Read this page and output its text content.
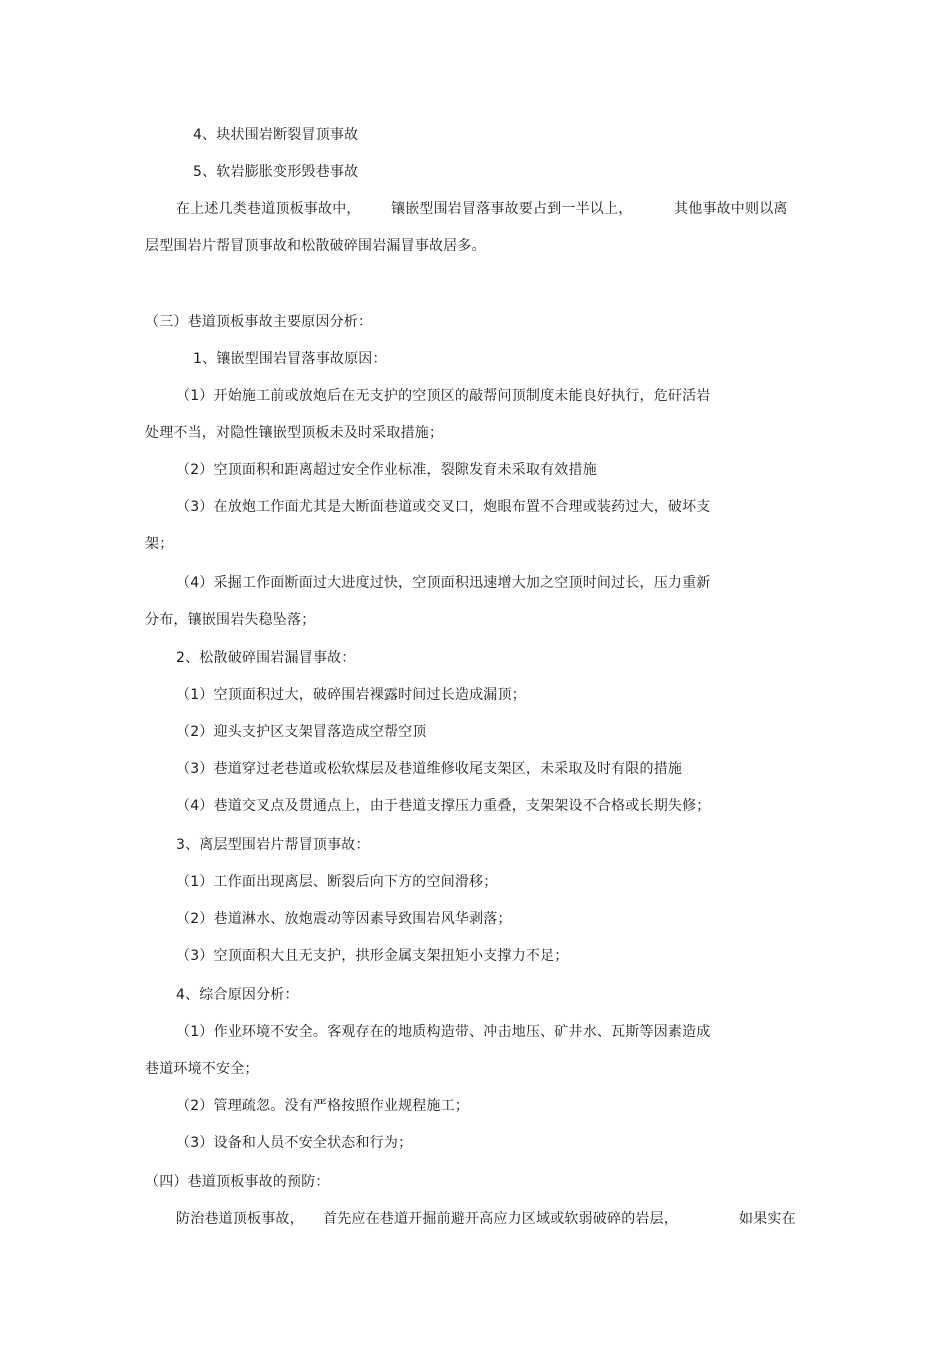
4、块状围岩断裂冒顶事故
5、软岩膨胀变形毁巷事故
在上述几类巷道顶板事故中， 镶嵌型围岩冒落事故要占到一半以上，	其他事故中则以离
层型围岩片帮冒顶事故和松散破碎围岩漏冒事故居多。
（三）巷道顶板事故主要原因分析：
1、镶嵌型围岩冒落事故原因：
（1）开始施工前或放炮后在无支护的空顶区的敲帮问顶制度未能良好执行，危矸活岩
处理不当，对隐性镶嵌型顶板未及时采取措施；
（2）空顶面积和距离超过安全作业标准，裂隙发育未采取有效措施
（3）在放炮工作面尤其是大断面巷道或交叉口，炮眼布置不合理或装药过大，破坏支
架；
（4）采掘工作面断面过大进度过快，空顶面积迅速增大加之空顶时间过长，压力重新
分布，镶嵌围岩失稳坠落；
2、松散破碎围岩漏冒事故：
（1）空顶面积过大，破碎围岩裸露时间过长造成漏顶；
（2）迎头支护区支架冒落造成空帮空顶
（3）巷道穿过老巷道或松软煤层及巷道维修收尾支架区，未采取及时有限的措施
（4）巷道交叉点及贯通点上，由于巷道支撑压力重叠，支架架设不合格或长期失修；
3、离层型围岩片帮冒顶事故：
（1）工作面出现离层、断裂后向下方的空间滑移；
（2）巷道淋水、放炮震动等因素导致围岩风华剥落；
（3）空顶面积大且无支护，拱形金属支架扭矩小支撑力不足；
4、综合原因分析：
（1）作业环境不安全。客观存在的地质构造带、冲击地压、矿井水、瓦斯等因素造成
巷道环境不安全；
（2）管理疏忽。没有严格按照作业规程施工；
（3）设备和人员不安全状态和行为；
（四）巷道顶板事故的预防：
防治巷道顶板事故， 首先应在巷道开掘前避开高应力区域或软弱破碎的岩层，	如果实在
